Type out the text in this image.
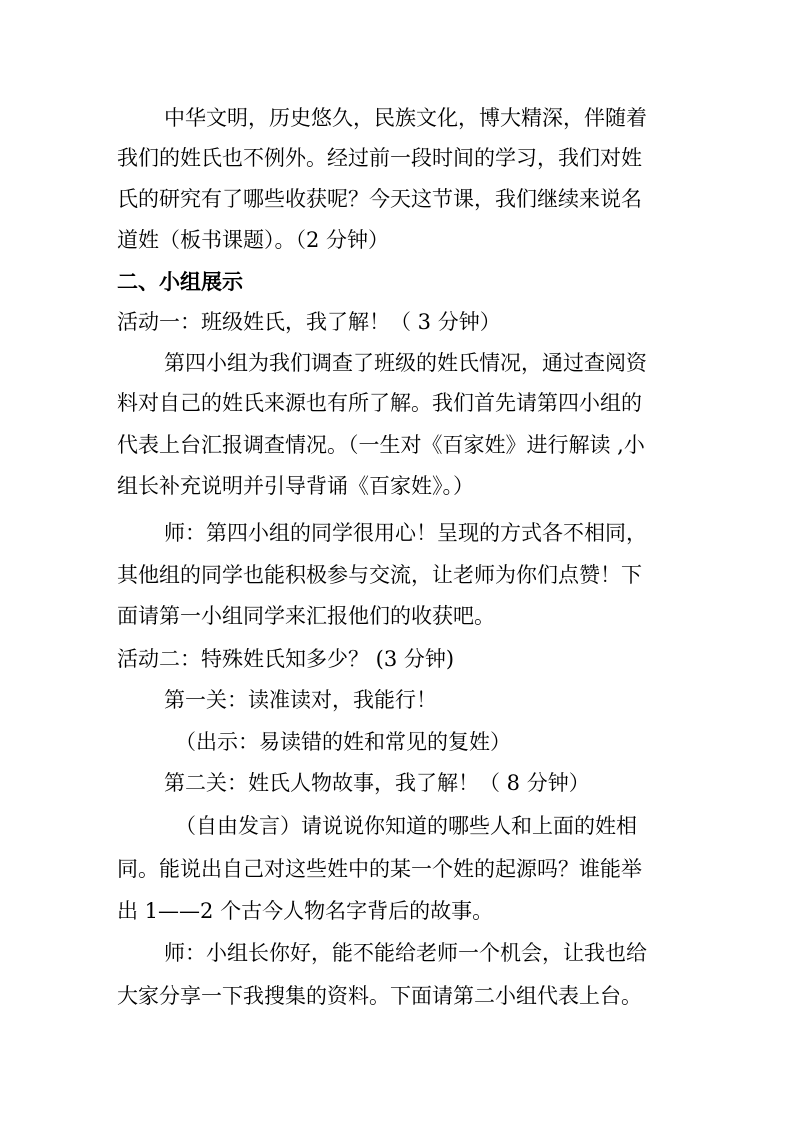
中华文明，历史悠久，民族文化，博大精深，伴随着
我们的姓氏也不例外。经过前一段时间的学习，我们对姓
氏的研究有了哪些收获呢？今天这节课，我们继续来说名
道姓（板书课题）。（2 分钟）
二、小组展示
活动一：班级姓氏，我了解！（ 3 分钟）
第四小组为我们调查了班级的姓氏情况，通过查阅资
料对自己的姓氏来源也有所了解。我们首先请第四小组的
代表上台汇报调查情况。（一生对《百家姓》进行解读 ,小
组长补充说明并引导背诵《百家姓》。）
师：第四小组的同学很用心！呈现的方式各不相同，
其他组的同学也能积极参与交流，让老师为你们点赞！下
面请第一小组同学来汇报他们的收获吧。
活动二：特殊姓氏知多少？ (3 分钟)
第一关：读准读对，我能行！
（出示：易读错的姓和常见的复姓）
第二关：姓氏人物故事，我了解！（ 8 分钟）
（自由发言）请说说你知道的哪些人和上面的姓相
同。能说出自己对这些姓中的某一个姓的起源吗？谁能举
出 1——2 个古今人物名字背后的故事。
师：小组长你好，能不能给老师一个机会，让我也给
大家分享一下我搜集的资料。下面请第二小组代表上台。
